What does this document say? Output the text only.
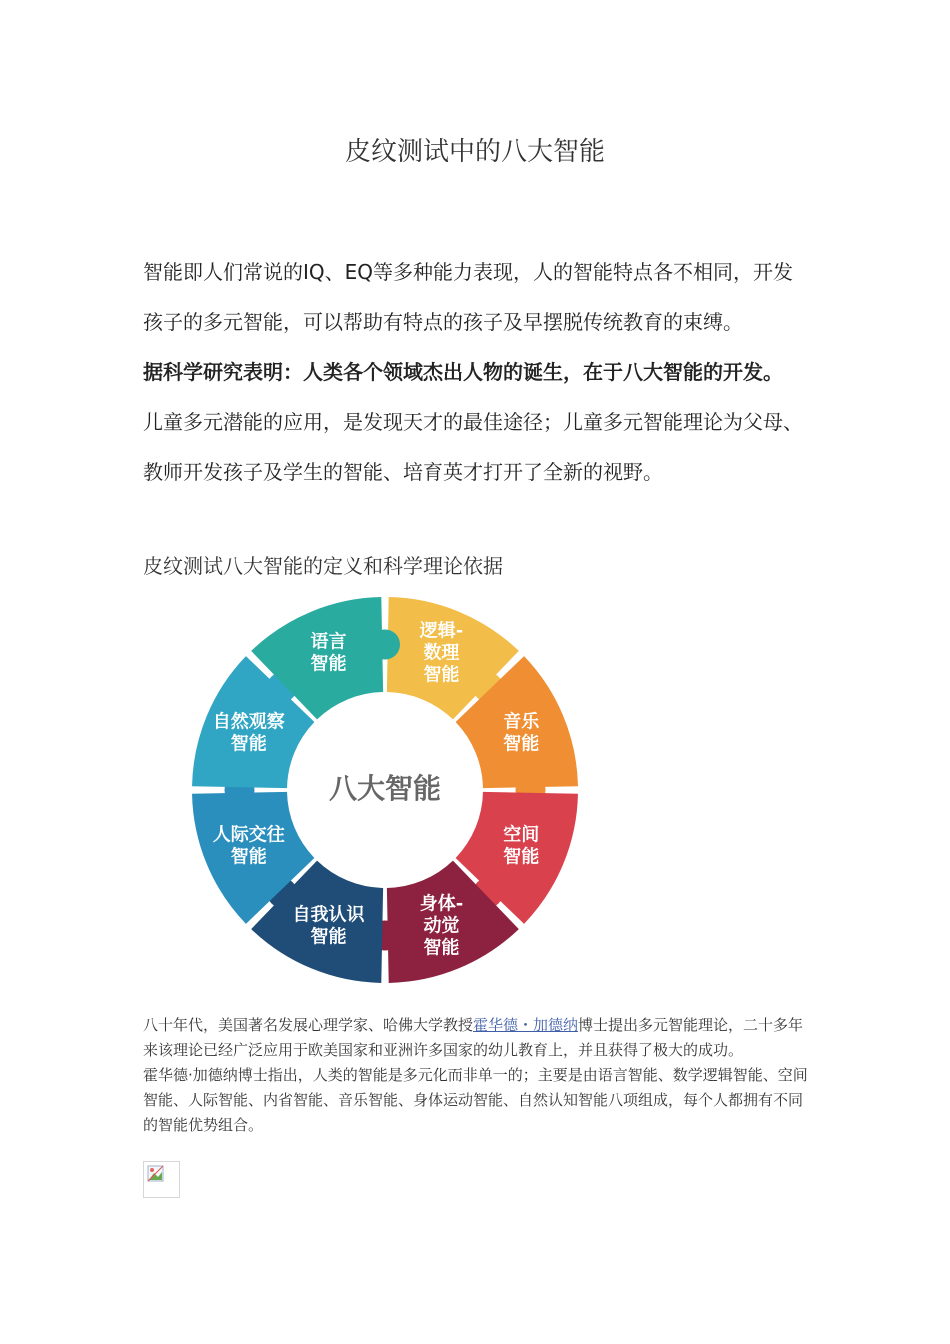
皮纹测试中的八大智能

智能即人们常说的IQ、EQ等多种能力表现，人的智能特点各不相同，开发孩子的多元智能，可以帮助有特点的孩子及早摆脱传统教育的束缚。

据科学研究表明：人类各个领域杰出人物的诞生，在于八大智能的开发。

儿童多元潜能的应用，是发现天才的最佳途径；儿童多元智能理论为父母、教师开发孩子及学生的智能、培育英才打开了全新的视野。

皮纹测试八大智能的定义和科学理论依据
逻辑-
数理
智能
音乐
智能
空间
智能
身体-
动觉
智能
自我认识
智能
人际交往
智能
自然观察
智能
语言
智能
八大智能

八十年代，美国著名发展心理学家、哈佛大学教授霍华德・加德纳博士提出多元智能理论，二十多年来该理论已经广泛应用于欧美国家和亚洲许多国家的幼儿教育上，并且获得了极大的成功。

霍华德·加德纳博士指出，人类的智能是多元化而非单一的；主要是由语言智能、数学逻辑智能、空间智能、人际智能、内省智能、音乐智能、身体运动智能、自然认知智能八项组成，每个人都拥有不同的智能优势组合。
